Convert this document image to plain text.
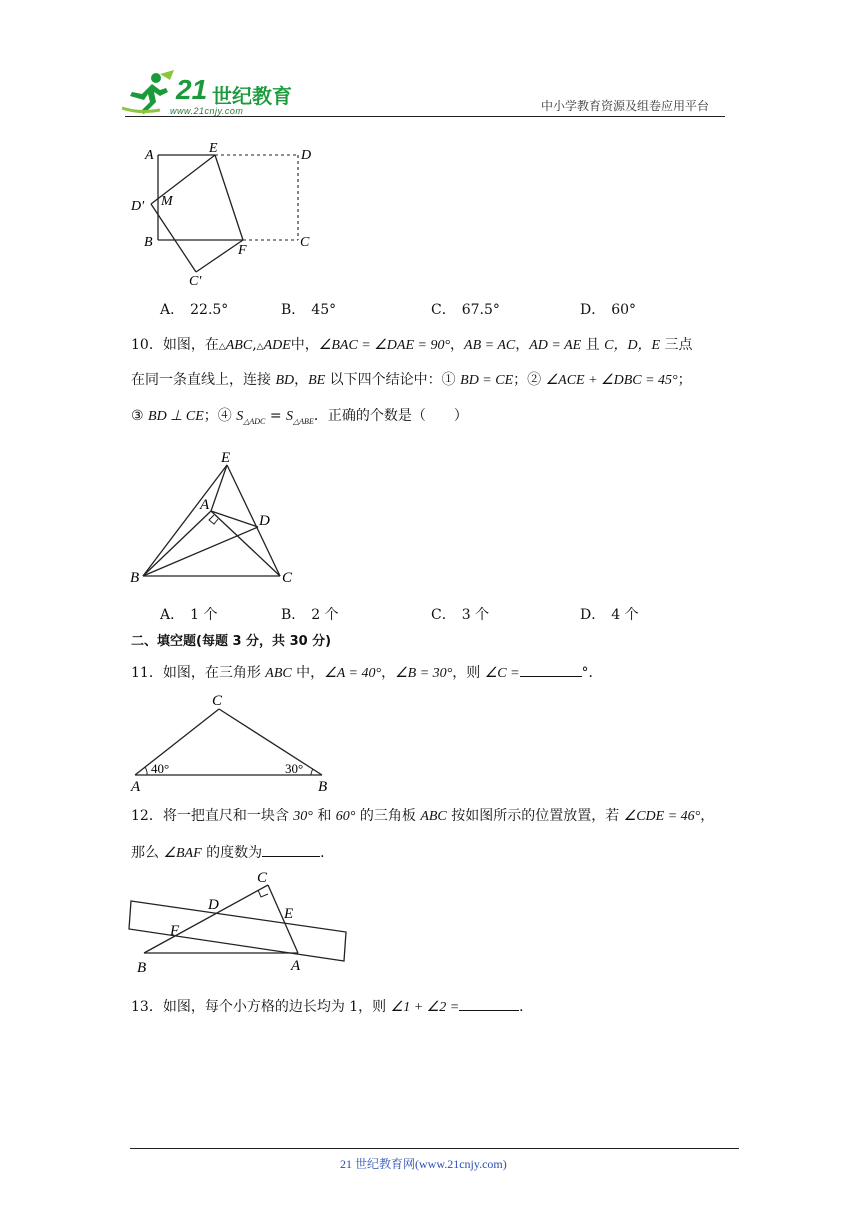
21 世纪教育
www.21cnjy.com	中小学教育资源及组卷应用平台
A	E	D
D' M
B
F
C
C'
A． 22.5°	B． 45°	C． 67.5°	D． 60°
10．如图，在△ABC,△ADE中，∠BAC = ∠DAE = 90°，AB = AC，AD = AE 且 C，D，E 三点
在同一条直线上，连接 BD，BE 以下四个结论中：① BD = CE；② ∠ACE + ∠DBC = 45°；
③ BD ⊥ CE；④ $S_{\triangle ADC} = S_{\triangle ABE}$．正确的个数是（　　）
E
A
D
B	C
A． 1 个	B． 2 个	C． 3 个	D． 4 个
二、填空题(每题 3 分，共 30 分)
11．如图，在三角形 ABC 中，∠A = 40°，∠B = 30°，则 ∠C =	°．
C
A	B
40°	30°
12．将一把直尺和一块含 30° 和 60° 的三角板 ABC 按如图所示的位置放置，若 ∠CDE = 46°，
那么 ∠BAF 的度数为	．
C
D
E
F
B	A
13．如图，每个小方格的边长均为 1，则 ∠1 + ∠2 =	．
21 世纪教育网(www.21cnjy.com)
